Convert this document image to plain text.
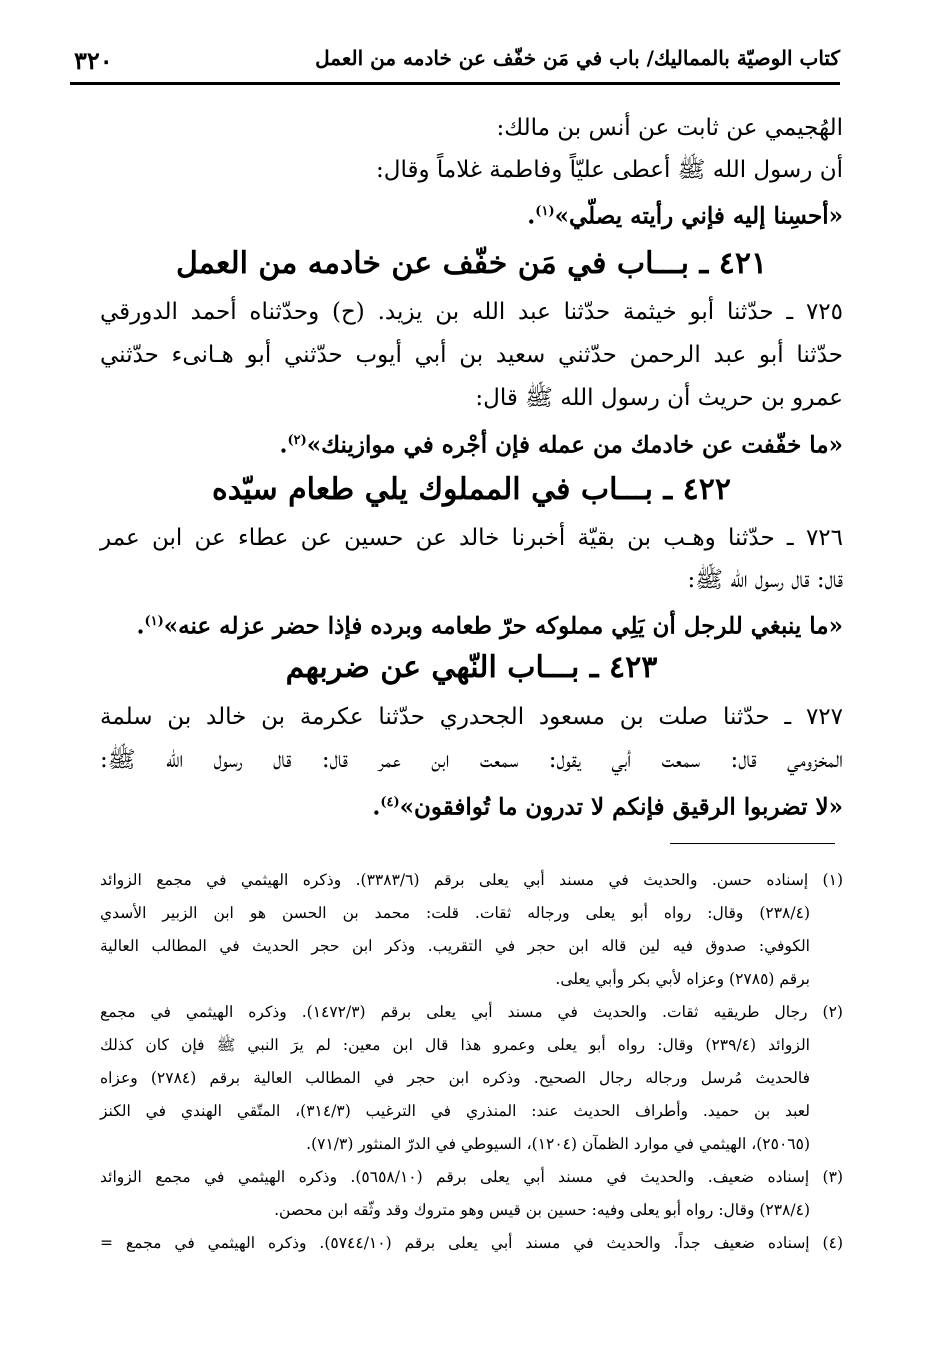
٣٢٠	كتاب الوصيّة بالمماليك/ باب في مَن خفّف عن خادمه من العمل
الهُجيمي عن ثابت عن أنس بن مالك:
أن رسول الله ﷺ أعطى عليّاً وفاطمة غلاماً وقال:
«أحسِنا إليه فإني رأيته يصلّي»$^{(١)}$.
٤٢١ ـ بـــاب في مَن خفّف عن خادمه من العمل
٧٢٥ ـ حدّثنا أبو خيثمة حدّثنا عبد الله بن يزيد. (ح) وحدّثناه أحمد الدورقي
حدّثنا أبو عبد الرحمن حدّثني سعيد بن أبي أيوب حدّثني أبو هـانىء حدّثني
عمرو بن حريث أن رسول الله ﷺ قال:
«ما خفّفت عن خادمك من عمله فإن أجْره في موازينك»$^{(٢)}$.
٤٢٢ ـ بـــاب في المملوك يلي طعام سيّده
٧٢٦ ـ حدّثنا وهـب بن بقيّة أخبرنا خالد عن حسين عن عطاء عن ابن عمر
قال: قال رسول الله ﷺ:
«ما ينبغي للرجل أن يَلِي مملوكه حرّ طعامه وبرده فإذا حضر عزله عنه»$^{(١)}$.
٤٢٣ ـ بـــاب النّهي عن ضربهم
٧٢٧ ـ حدّثنا صلت بن مسعود الجحدري حدّثنا عكرمة بن خالد بن سلمة
المخزومي قال: سمعت أبي يقول: سمعت ابن عمر قال: قال رسول الله ﷺ:
«لا تضربوا الرقيق فإنكم لا تدرون ما تُوافقون»$^{(٤)}$.
(١) إسناده حسن. والحديث في مسند أبي يعلى برقم (٣٣٨٣/٦). وذكره الهيثمي في مجمع الزوائد
(٢٣٨/٤) وقال: رواه أبو يعلى ورجاله ثقات. قلت: محمد بن الحسن هو ابن الزبير الأسدي
الكوفي: صدوق فيه لين قاله ابن حجر في التقريب. وذكر ابن حجر الحديث في المطالب العالية
برقم (٢٧٨٥) وعزاه لأبي بكر وأبي يعلى.
(٢) رجال طريقيه ثقات. والحديث في مسند أبي يعلى برقم (١٤٧٢/٣). وذكره الهيثمي في مجمع
الزوائد (٢٣٩/٤) وقال: رواه أبو يعلى وعمرو هذا قال ابن معين: لم يرَ النبي ﷺ فإن كان كذلك
فالحديث مُرسل ورجاله رجال الصحيح. وذكره ابن حجر في المطالب العالية برقم (٢٧٨٤) وعزاه
لعبد بن حميد. وأطراف الحديث عند: المنذري في الترغيب (٣١٤/٣)، المتّقي الهندي في الكنز
(٢٥٠٦٥)، الهيثمي في موارد الظمآن (١٢٠٤)، السيوطي في الدرّ المنثور (٧١/٣).
(٣) إسناده ضعيف. والحديث في مسند أبي يعلى برقم (٥٦٥٨/١٠). وذكره الهيثمي في مجمع الزوائد
(٢٣٨/٤) وقال: رواه أبو يعلى وفيه: حسين بن قيس وهو متروك وقد وثّقه ابن محصن.
(٤) إسناده ضعيف جداً. والحديث في مسند أبي يعلى برقم (٥٧٤٤/١٠). وذكره الهيثمي في مجمع =
